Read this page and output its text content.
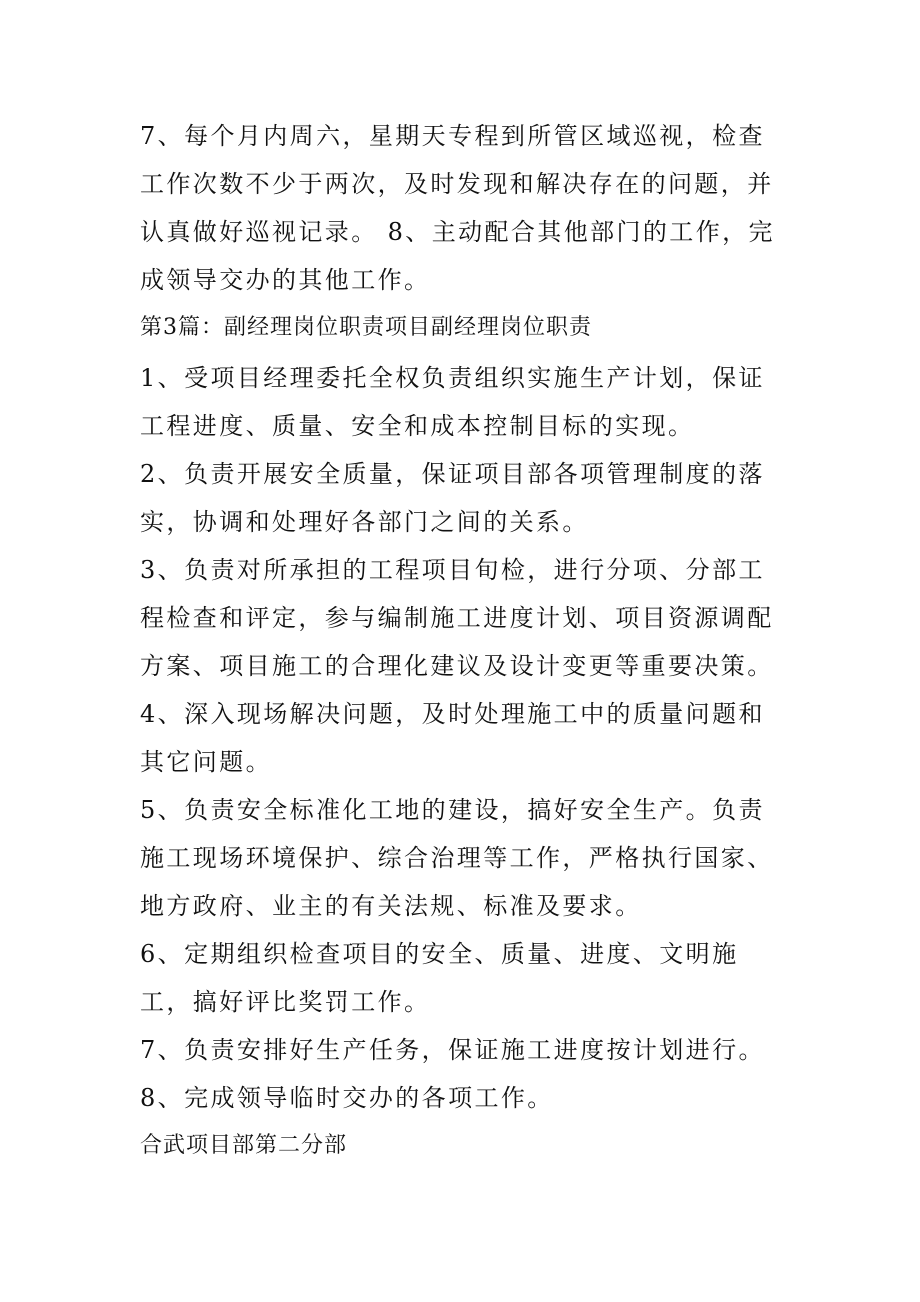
7、每个月内周六，星期天专程到所管区域巡视，检查工作次数不少于两次，及时发现和解决存在的问题，并认真做好巡视记录。 8、主动配合其他部门的工作，完成领导交办的其他工作。

第3篇：副经理岗位职责项目副经理岗位职责

1、受项目经理委托全权负责组织实施生产计划，保证工程进度、质量、安全和成本控制目标的实现。

2、负责开展安全质量，保证项目部各项管理制度的落实，协调和处理好各部门之间的关系。

3、负责对所承担的工程项目旬检，进行分项、分部工程检查和评定，参与编制施工进度计划、项目资源调配方案、项目施工的合理化建议及设计变更等重要决策。

4、深入现场解决问题，及时处理施工中的质量问题和其它问题。

5、负责安全标准化工地的建设，搞好安全生产。负责施工现场环境保护、综合治理等工作，严格执行国家、地方政府、业主的有关法规、标准及要求。

6、定期组织检查项目的安全、质量、进度、文明施工，搞好评比奖罚工作。

7、负责安排好生产任务，保证施工进度按计划进行。

8、完成领导临时交办的各项工作。

合武项目部第二分部
